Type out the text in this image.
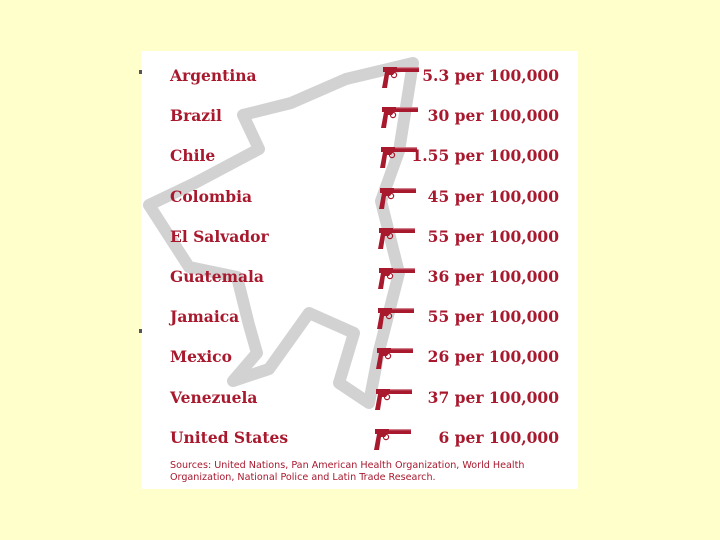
Argentina	5.3 per 100,000
Brazil	30 per 100,000
Chile	1.55 per 100,000
Colombia	45 per 100,000
El Salvador	55 per 100,000
Guatemala	36 per 100,000
Jamaica	55 per 100,000
Mexico	26 per 100,000
Venezuela	37 per 100,000
United States	6 per 100,000
Sources: United Nations, Pan American Health Organization, World Health Organization, National Police and Latin Trade Research.
